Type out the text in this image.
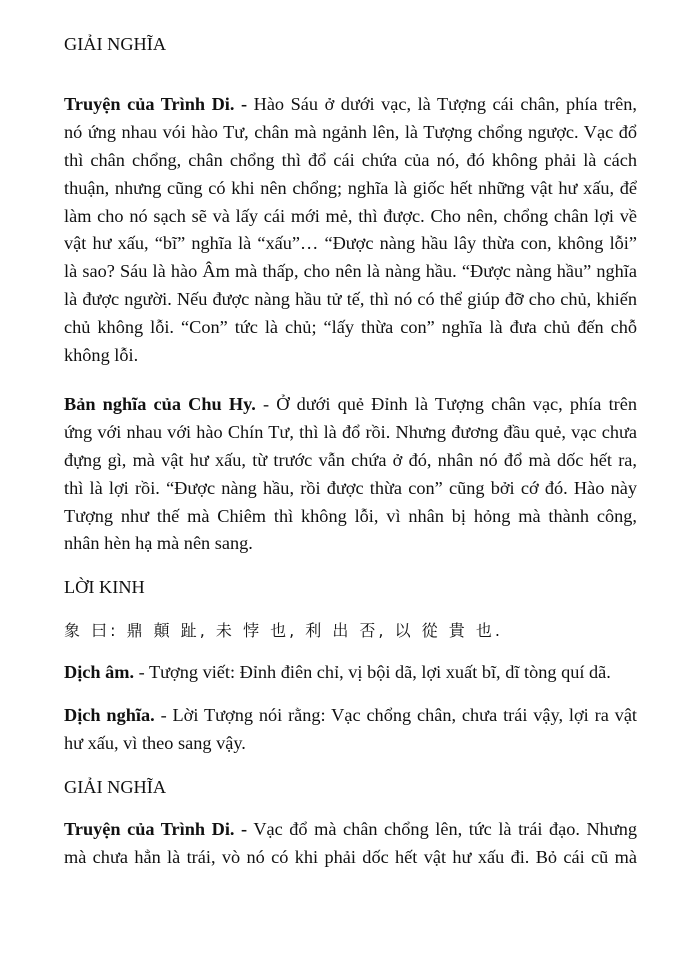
GIẢI NGHĨA
Truyện của Trình Di. - Hào Sáu ở dưới vạc, là Tượng cái chân, phía trên,
nó ứng nhau vói hào Tư, chân mà ngảnh lên, là Tượng chổng ngược. Vạc đổ
thì chân chổng, chân chổng thì đổ cái chứa của nó, đó không phải là cách
thuận, nhưng cũng có khi nên chổng; nghĩa là giốc hết những vật hư xấu, để
làm cho nó sạch sẽ và lấy cái mới mẻ, thì được. Cho nên, chổng chân lợi về
vật hư xấu, “bĩ” nghĩa là “xấu”… “Được nàng hầu lây thừa con, không lỗi”
là sao? Sáu là hào Âm mà thấp, cho nên là nàng hầu. “Được nàng hầu” nghĩa
là được người. Nếu được nàng hầu tử tế, thì nó có thể giúp đỡ cho chủ, khiến
chủ không lỗi. “Con” tức là chủ; “lấy thừa con” nghĩa là đưa chủ đến chỗ
không lỗi.
Bản nghĩa của Chu Hy. - Ở dưới quẻ Đỉnh là Tượng chân vạc, phía trên
ứng với nhau với hào Chín Tư, thì là đổ rồi. Nhưng đương đầu quẻ, vạc chưa
đựng gì, mà vật hư xấu, từ trước vẫn chứa ở đó, nhân nó đổ mà dốc hết ra,
thì là lợi rồi. “Được nàng hầu, rồi được thừa con” cũng bởi cớ đó. Hào này
Tượng như thế mà Chiêm thì không lỗi, vì nhân bị hỏng mà thành công,
nhân hèn hạ mà nên sang.
LỜI KINH
象 曰: 鼎 顛 趾, 未 悖 也, 利 出 否, 以 從 貴 也.
Dịch âm. - Tượng viết: Đỉnh điên chỉ, vị bội dã, lợi xuất bĩ, dĩ tòng quí dã.
Dịch nghĩa. - Lời Tượng nói rằng: Vạc chổng chân, chưa trái vậy, lợi ra vật
hư xấu, vì theo sang vậy.
GIẢI NGHĨA
Truyện của Trình Di. - Vạc đổ mà chân chổng lên, tức là trái đạo. Nhưng
mà chưa hẳn là trái, vò nó có khi phải dốc hết vật hư xấu đi. Bỏ cái cũ mà
